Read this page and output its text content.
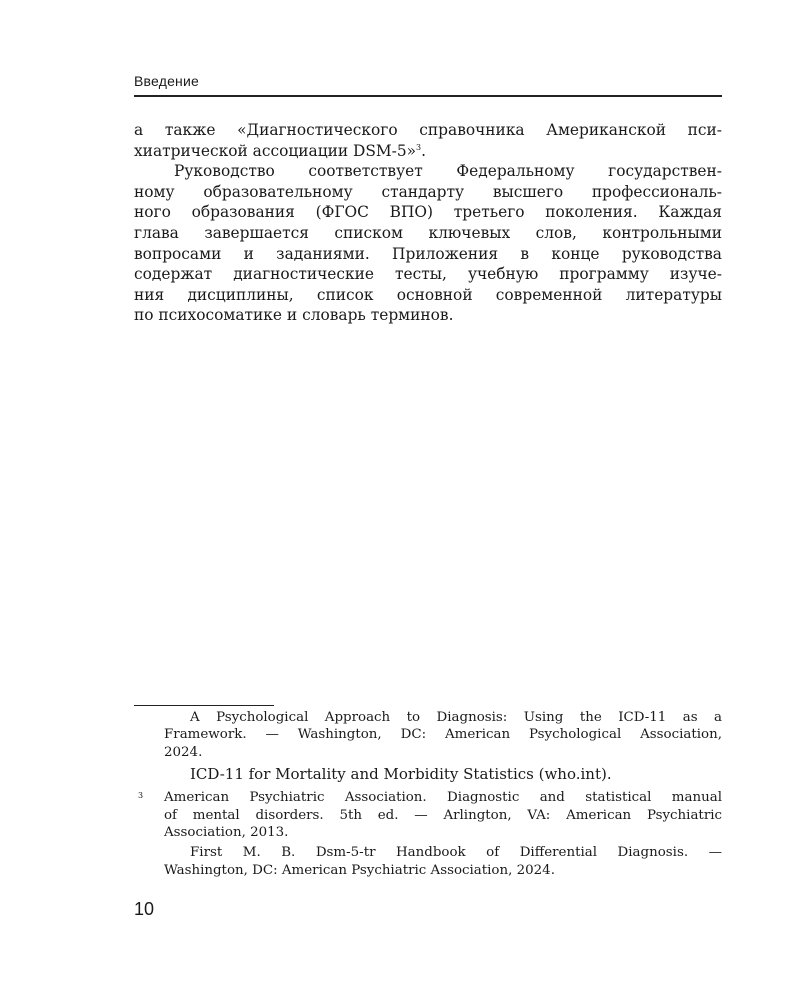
Введение

а также «Диагностического справочника Американской пси-
хиатрической ассоциации DSM-5»$^3$.

Руководство соответствует Федеральному государствен-
ному образовательному стандарту высшего профессиональ-
ного образования (ФГОС ВПО) третьего поколения. Каждая
глава завершается списком ключевых слов, контрольными
вопросами и заданиями. Приложения в конце руководства
содержат диагностические тесты, учебную программу изуче-
ния дисциплины, список основной современной литературы
по психосоматике и словарь терминов.

A Psychological Approach to Diagnosis: Using the ICD-11 as a
Framework. — Washington, DC: American Psychological Association,
2024.
ICD-11 for Mortality and Morbidity Statistics (who.int).
3 American Psychiatric Association. Diagnostic and statistical manual
of mental disorders. 5th ed. — Arlington, VA: American Psychiatric
Association, 2013.
First M. B. Dsm-5-tr Handbook of Differential Diagnosis. —
Washington, DC: American Psychiatric Association, 2024.
10
